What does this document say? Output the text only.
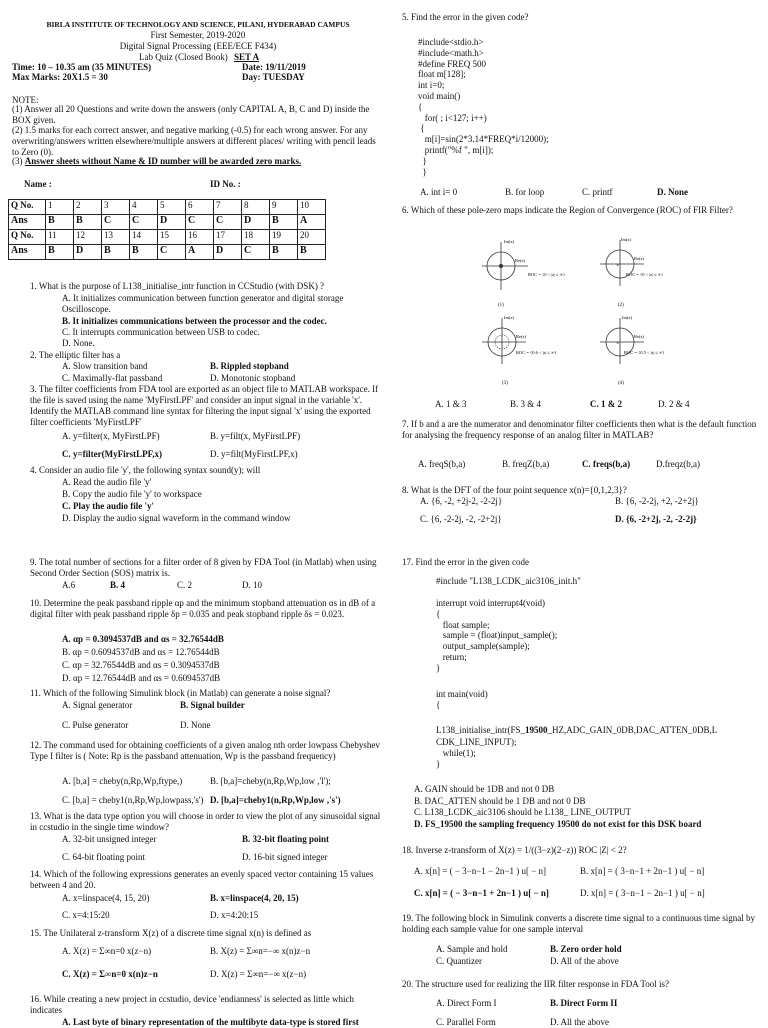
BIRLA INSTITUTE OF TECHNOLOGY AND SCIENCE, PILANI, HYDERABAD CAMPUS
First Semester, 2019-2020
Digital Signal Processing (EEE/ECE F434)
Lab Quiz (Closed Book) SET A
Time: 10 – 10.35 am (35 MINUTES)	Date: 19/11/2019
Max Marks: 20X1.5 = 30	Day: TUESDAY
NOTE:
(1) Answer all 20 Questions and write down the answers (only CAPITAL A, B, C and D) inside the BOX given.
(2) 1.5 marks for each correct answer, and negative marking (-0.5) for each wrong answer. For any overwriting/answers written elsewhere/multiple answers at different places/ writing with pencil leads to Zero (0).
(3) Answer sheets without Name & ID number will be awarded zero marks.
Name :	ID No. :
Q No.	1	2	3	4	5	6	7	8	9	10
Ans	B	B	C	C	D	C	C	D	B	A
Q No.	11	12	13	14	15	16	17	18	19	20
Ans	B	D	B	B	C	A	D	C	B	B
1. What is the purpose of L138_initialise_intr function in CCStudio (with DSK) ?
A. It initializes communication between function generator and digital storage Oscilloscope.
B. It initializes communications between the processor and the codec.
C. It interrupts communication between USB to codec.
D. None.
2. The elliptic filter has a
A. Slow transition band	B. Rippled stopband
C. Maximally-flat passband	D. Monotonic stopband
3. The filter coefficients from FDA tool are exported as an object file to MATLAB workspace. If the file is saved using the name 'MyFirstLPF' and consider an input signal in the variable 'x'. Identify the MATLAB command line syntax for filtering the input signal 'x' using the exported filter coefficients 'MyFirstLPF'
A. y=filter(x, MyFirstLPF)	B. y=filt(x, MyFirstLPF)
C. y=filter(MyFirstLPF,x)	D. y=filt(MyFirstLPF,x)
4. Consider an audio file 'y', the following syntax sound(y); will
A. Read the audio file 'y'
B. Copy the audio file 'y' to workspace
C. Play the audio file 'y'
D. Display the audio signal waveform in the command window
9. The total number of sections for a filter order of 8 given by FDA Tool (in Matlab) when using Second Order Section (SOS) matrix is.
A.6	B. 4	C. 2	D. 10
10. Determine the peak passband ripple αp and the minimum stopband attenuation αs in dB of a digital filter with peak passband ripple δp = 0.035 and peak stopband ripple δs = 0.023.
A. αp = 0.3094537dB and αs = 32.76544dB
B. αp = 0.6094537dB and αs = 12.76544dB
C. αp = 32.76544dB and αs = 0.3094537dB
D. αp = 12.76544dB and αs = 0.6094537dB
11. Which of the following Simulink block (in Matlab) can generate a noise signal?
A. Signal generator	B. Signal builder
C. Pulse generator	D. None
12. The command used for obtaining coefficients of a given analog nth order lowpass Chebyshev Type I filter is ( Note: Rp is the passband attenuation, Wp is the passband frequency)
A. [b,a] = cheby(n,Rp,Wp,ftype,)	B. [b,a]=cheby(n,Rp,Wp,low ,'l');
C. [b,a] = cheby1(n,Rp,Wp,lowpass,'s') D. [b,a]=cheby1(n,Rp,Wp,low ,'s')
13. What is the data type option you will choose in order to view the plot of any sinusoidal signal in ccstudio in the single time window?
A. 32-bit unsigned integer	B. 32-bit floating point
C. 64-bit floating point	D. 16-bit signed integer
14. Which of the following expressions generates an evenly spaced vector containing 15 values between 4 and 20.
A. x=linspace(4, 15, 20)	B. x=linspace(4, 20, 15)
C. x=4:15:20	D. x=4:20:15
15. The Unilateral z-transform X(z) of a discrete time signal x(n) is defined as
A. X(z) = Σ∞n=0 x(z−n)	B. X(z) = Σ∞n=−∞ x(n)z−n
C. X(z) = Σ∞n=0 x(n)z−n	D. X(z) = Σ∞n=−∞ x(z−n)
16. While creating a new project in ccstudio, device 'endianness' is selected as little which indicates
A. Last byte of binary representation of the multibyte data-type is stored first
5. Find the error in the given code?
#include<stdio.h>
#include<math.h>
#define FREQ 500
float m[128];
int i=0;
void main()
{
for( ; i<127; i++)
{
m[i]=sin(2*3.14*FREQ*i/12000);
printf("%f ", m[i]);
}
}
A. int i= 0	B. for loop	C. printf	D. None
6. Which of these pole-zero maps indicate the Region of Convergence (ROC) of FIR Filter?
Im(z)
Re(z)
ROC = {0 < |z| ≤ ∞}
(1)
×
Im(z)
Re(z)
ROC = {0 < |z| ≤ ∞}
(2)
Im(z)
Re(z)
ROC = {0.6 < |z| ≤ ∞}
(3)
×
Im(z)
Re(z)
ROC = {0.5 < |z| ≤ ∞}
(4)
A. 1 & 3	B. 3 & 4	C. 1 & 2	D. 2 & 4
7. If b and a are the numerator and denominator filter coefficients then what is the default function for analysing the frequency response of an analog filter in MATLAB?
A. freqS(b,a)	B. freqZ(b,a)	C. freqs(b,a)	D.freqz(b,a)
8. What is the DFT of the four point sequence x(n)={0,1,2,3}?
A. {6, -2, +2j-2, -2-2j}	B. {6, -2-2j, +2, -2+2j}
C. {6, -2-2j, -2, -2+2j}	D. {6, -2+2j, -2, -2-2j}
17. Find the error in the given code
#include "L138_LCDK_aic3106_init.h"
interrupt void interrupt4(void)
{
float sample;
sample = (float)input_sample();
output_sample(sample);
return;
}
int main(void)
{
L138_initialise_intr(FS_19500_HZ,ADC_GAIN_0DB,DAC_ATTEN_0DB,L
CDK_LINE_INPUT);
while(1);
}
A. GAIN should be 1DB and not 0 DB
B. DAC_ATTEN should be 1 DB and not 0 DB
C. L138_LCDK_aic3106 should be L138_ LINE_OUTPUT
D. FS_19500 the sampling frequency 19500 do not exist for this DSK board
18. Inverse z-transform of X(z) = 1/((3−z)(2−z)) ROC |Z| < 2?
A. x[n] = ( − 3−n−1 − 2n−1 ) u[ − n]	B. x[n] = ( 3−n−1 + 2n−1 ) u[ − n]
C. x[n] = ( − 3−n−1 + 2n−1 ) u[ − n]	D. x[n] = ( 3−n−1 − 2n−1 ) u[ − n]
19. The following block in Simulink converts a discrete time signal to a continuous time signal by holding each sample value for one sample interval
A. Sample and hold	B. Zero order hold
C. Quantizer	D. All of the above
20. The structure used for realizing the IIR filter response in FDA Tool is?
A. Direct Form I	B. Direct Form II
C. Parallel Form	D. All the above
